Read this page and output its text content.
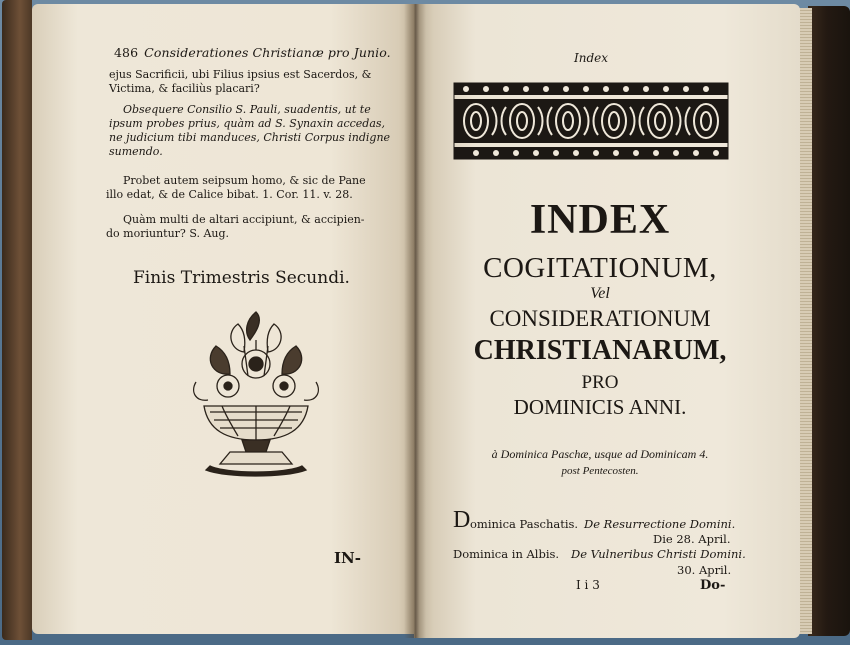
486 Considerationes Christianæ pro Junio.

ejus Sacrificii, ubi Filius ipsius est Sacerdos, &

Victima, & faciliùs placari?

Obsequere Consilio S. Pauli, suadentis, ut te

ipsum probes prius, quàm ad S. Synaxin accedas,

ne judicium tibi manduces, Christi Corpus indigne

sumendo.

Probet autem seipsum homo, & sic de Pane

illo edat, & de Calice bibat. 1. Cor. 11. v. 28.

Quàm multi de altari accipiunt, & accipien-

do moriuntur? S. Aug.

Finis Trimestris Secundi.

IN-

Index

INDEX

COGITATIONUM,

Vel

CONSIDERATIONUM

CHRISTIANARUM,

PRO

DOMINICIS ANNI.

à Dominica Paschæ, usque ad Dominicam 4.

post Pentecosten.

D ominica Paschatis. De Resurrectione Domini.

Die 28. April.

Dominica in Albis. De Vulneribus Christi Domini.

30. April.

I i 3	Do-
